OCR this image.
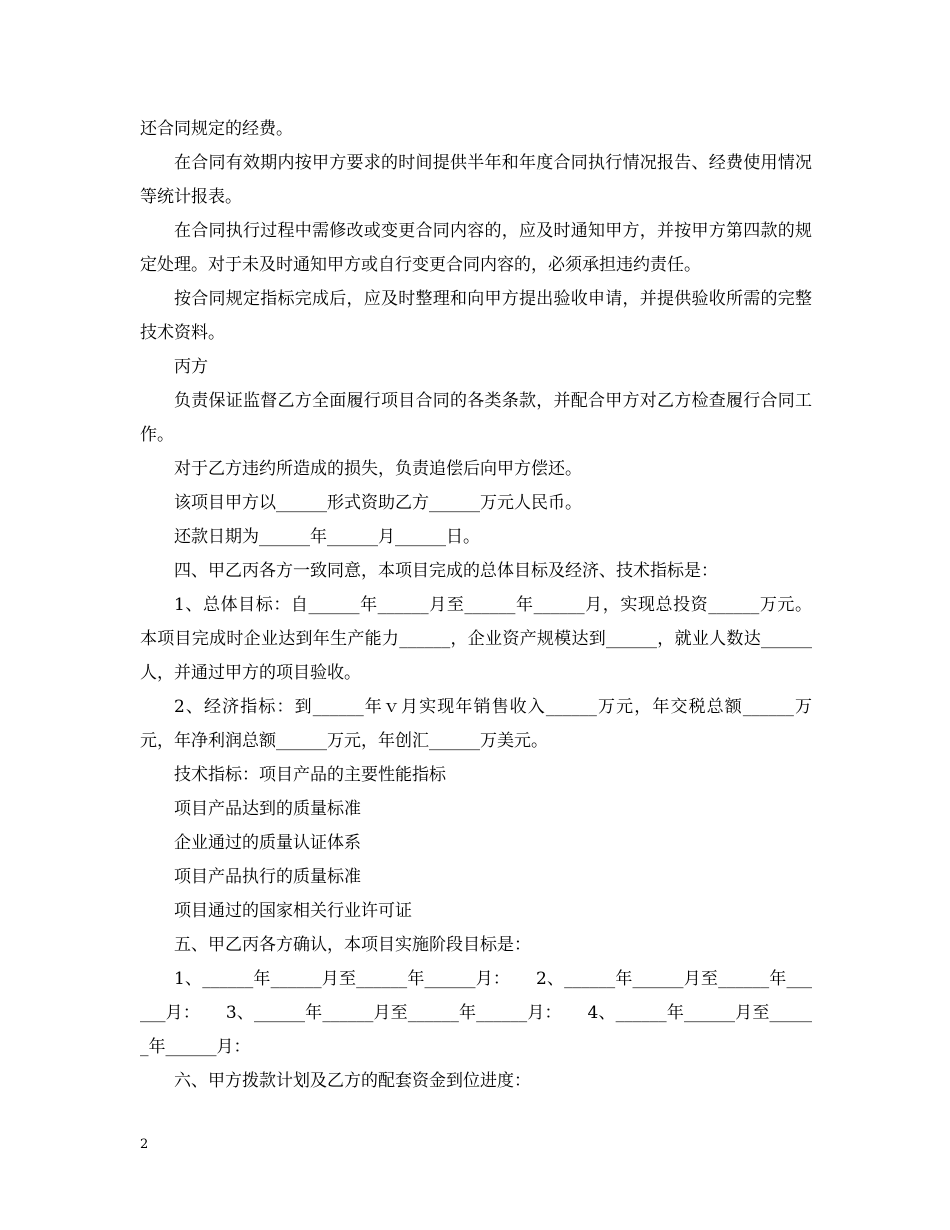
还合同规定的经费。

在合同有效期内按甲方要求的时间提供半年和年度合同执行情况报告、经费使用情况等统计报表。

在合同执行过程中需修改或变更合同内容的，应及时通知甲方，并按甲方第四款的规定处理。对于未及时通知甲方或自行变更合同内容的，必须承担违约责任。

按合同规定指标完成后，应及时整理和向甲方提出验收申请，并提供验收所需的完整技术资料。

丙方

负责保证监督乙方全面履行项目合同的各类条款，并配合甲方对乙方检查履行合同工作。

对于乙方违约所造成的损失，负责追偿后向甲方偿还。

该项目甲方以______形式资助乙方______万元人民币。

还款日期为______年______月______日。

四、甲乙丙各方一致同意，本项目完成的总体目标及经济、技术指标是：

1、总体目标：自______年______月至______年______月，实现总投资______万元。本项目完成时企业达到年生产能力______，企业资产规模达到______，就业人数达______人，并通过甲方的项目验收。

2、经济指标：到______年ｖ月实现年销售收入______万元，年交税总额______万元，年净利润总额______万元，年创汇______万美元。

技术指标：项目产品的主要性能指标

项目产品达到的质量标准

企业通过的质量认证体系

项目产品执行的质量标准

项目通过的国家相关行业许可证

五、甲乙丙各方确认，本项目实施阶段目标是：

1、______年______月至______年______月：　　2、______年______月至______年______月：　　3、______年______月至______年______月：　　4、______年______月至______年______月：

六、甲方拨款计划及乙方的配套资金到位进度：

2
